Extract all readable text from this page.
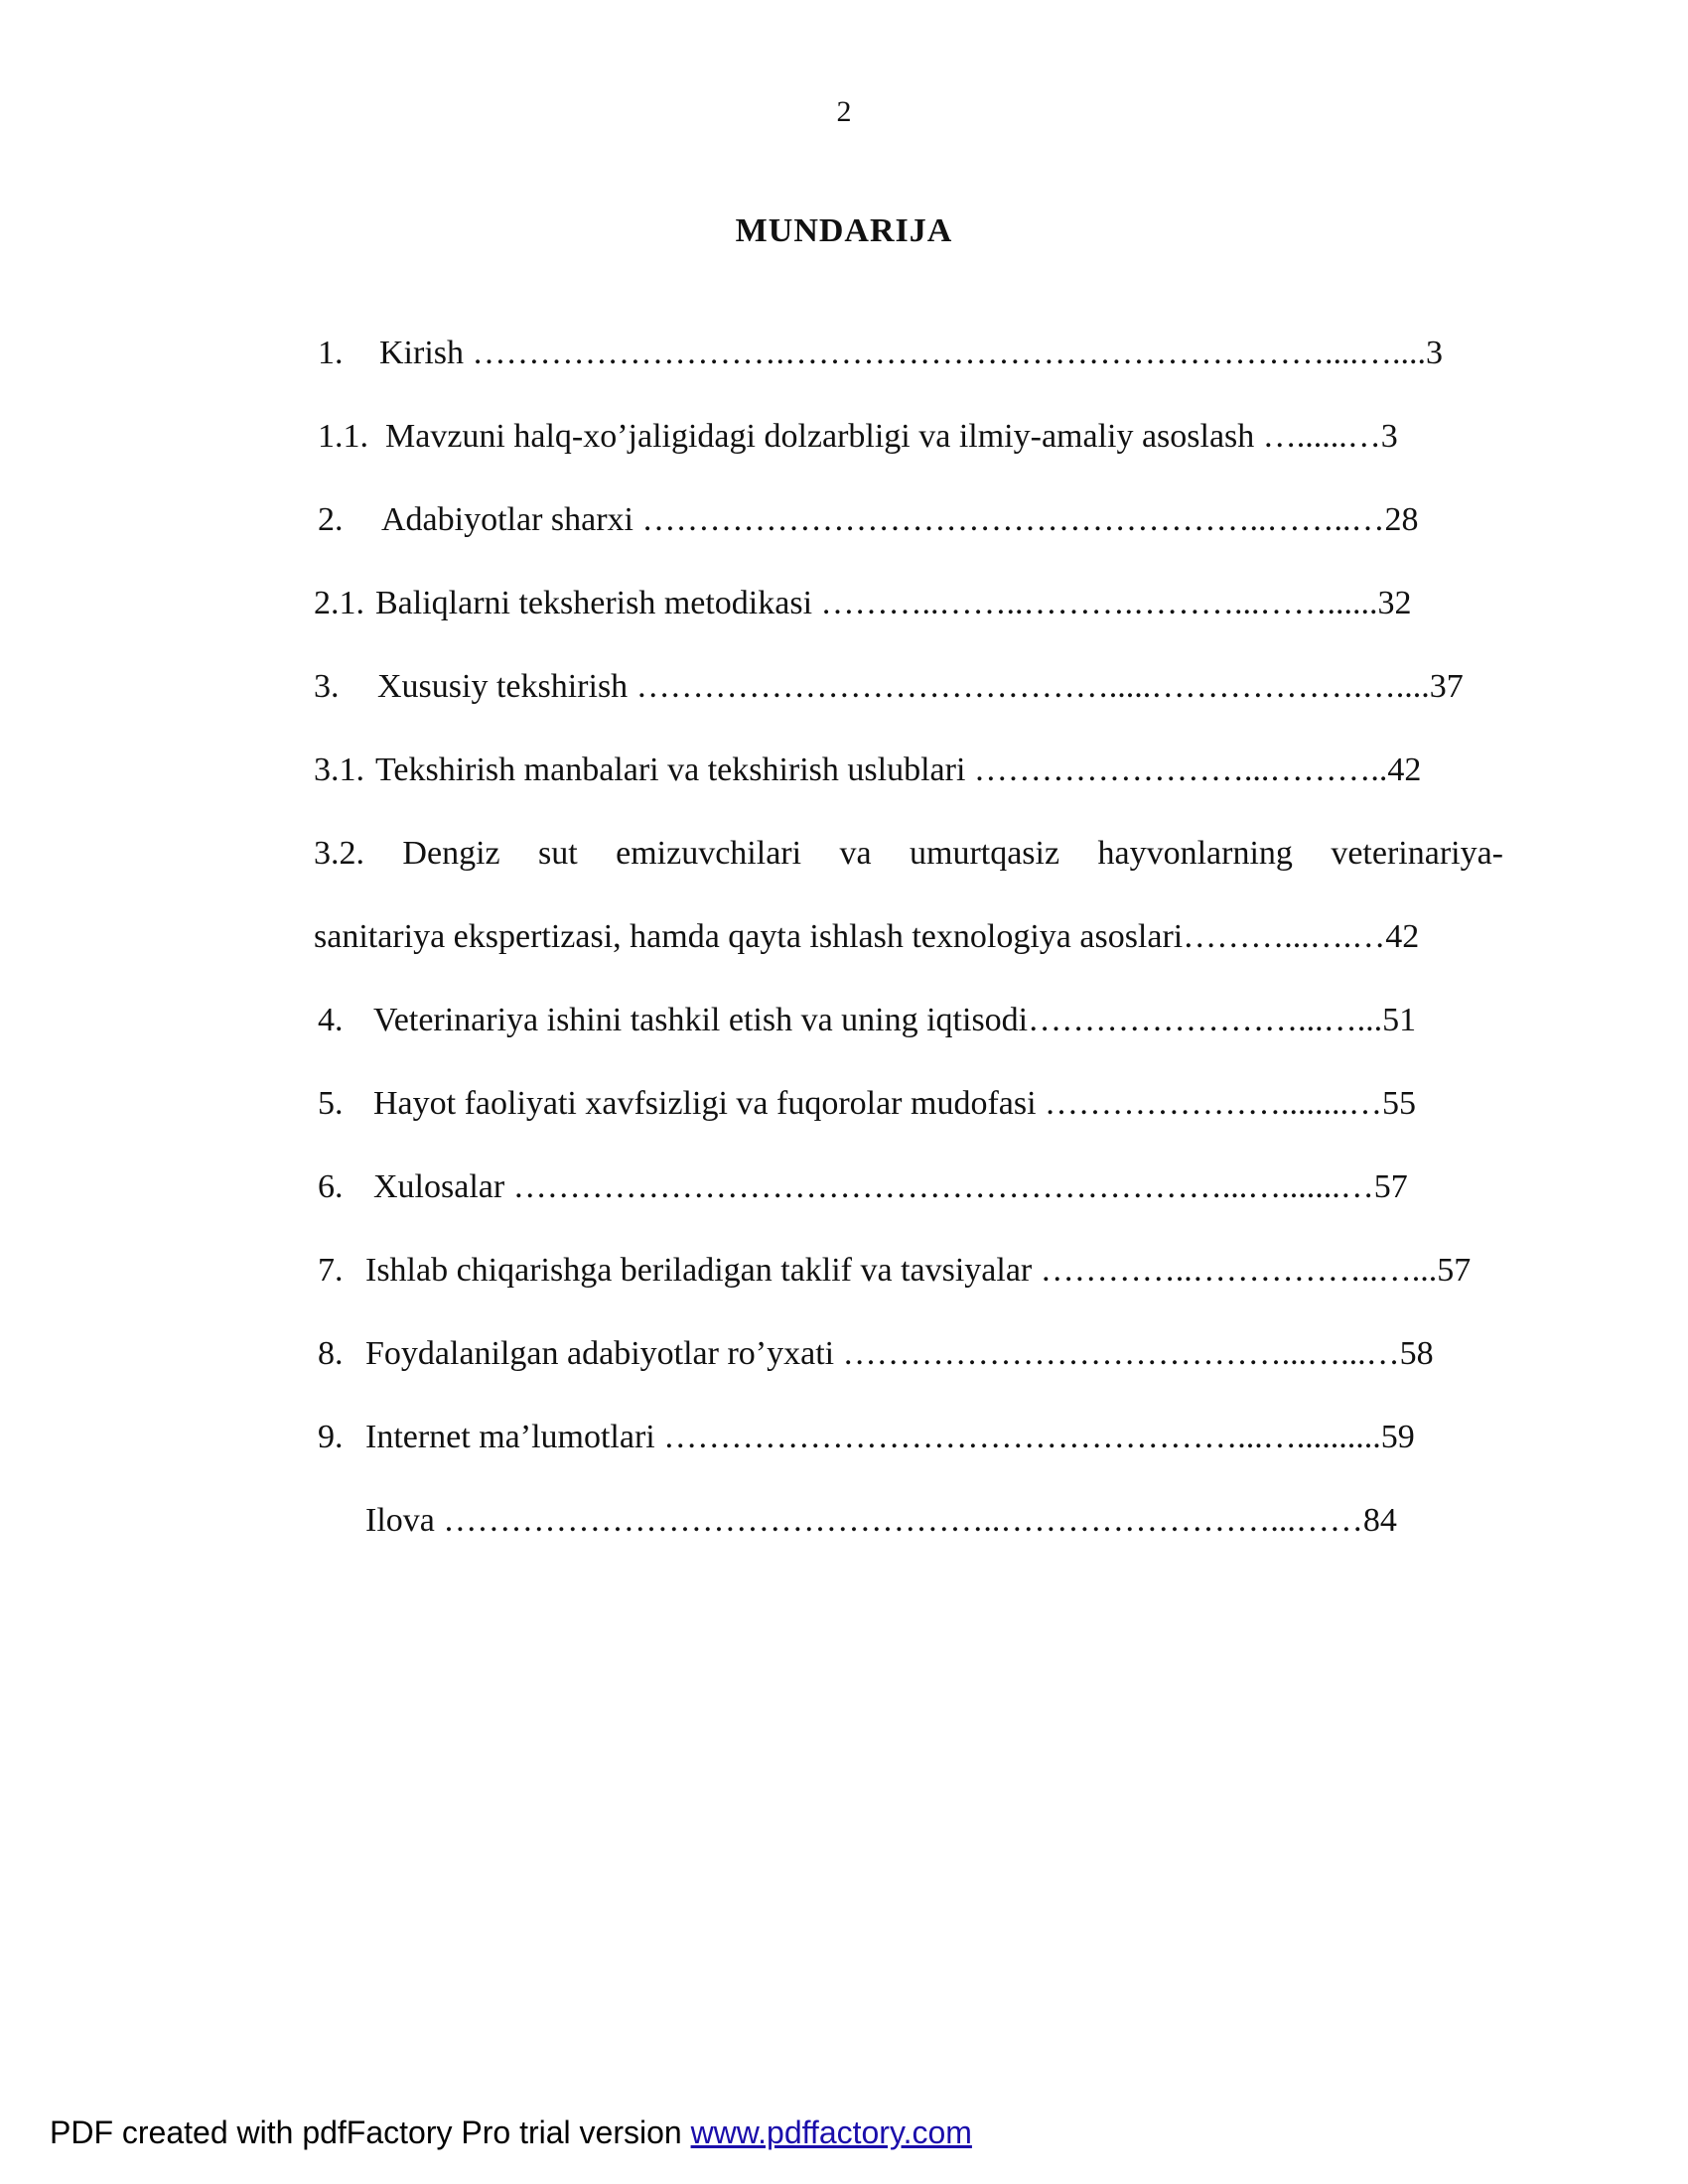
2
MUNDARIJA
1. Kirish ……………………….…………………………………………....…....3
1.1. Mavzuni halq-xo’jaligidagi dolzarbligi va ilmiy-amaliy asoslash …......…3
2. Adabiyotlar sharxi ………………………………………………..……..…28
2.1. Baliqlarni teksherish metodikasi ………..……..……….………...……......32
3. Xususiy tekshirish …………………………………….....……………….…....37
3.1. Tekshirish manbalari va tekshirish uslublari ……………………...………..42
3.2. Dengiz sut emizuvchilari va umurtqasiz hayvonlarning veterinariya-
sanitariya ekspertizasi, hamda qayta ishlash texnologiya asoslari………...….…42
4. Veterinariya ishini tashkil etish va uning iqtisodi……………………...…...51
5. Hayot faoliyati xavfsizligi va fuqorolar mudofasi …………………........…55
6. Xulosalar ………………………………………………………...….......…57
7. Ishlab chiqarishga beriladigan taklif va tavsiyalar …………..……………..…...57
8. Foydalanilgan adabiyotlar ro’yxati …………………………………...…...…58
9. Internet ma’lumotlari ……………………………………………...…..........59
Ilova …………………………………………..……………………...……84
PDF created with pdfFactory Pro trial version www.pdffactory.com
